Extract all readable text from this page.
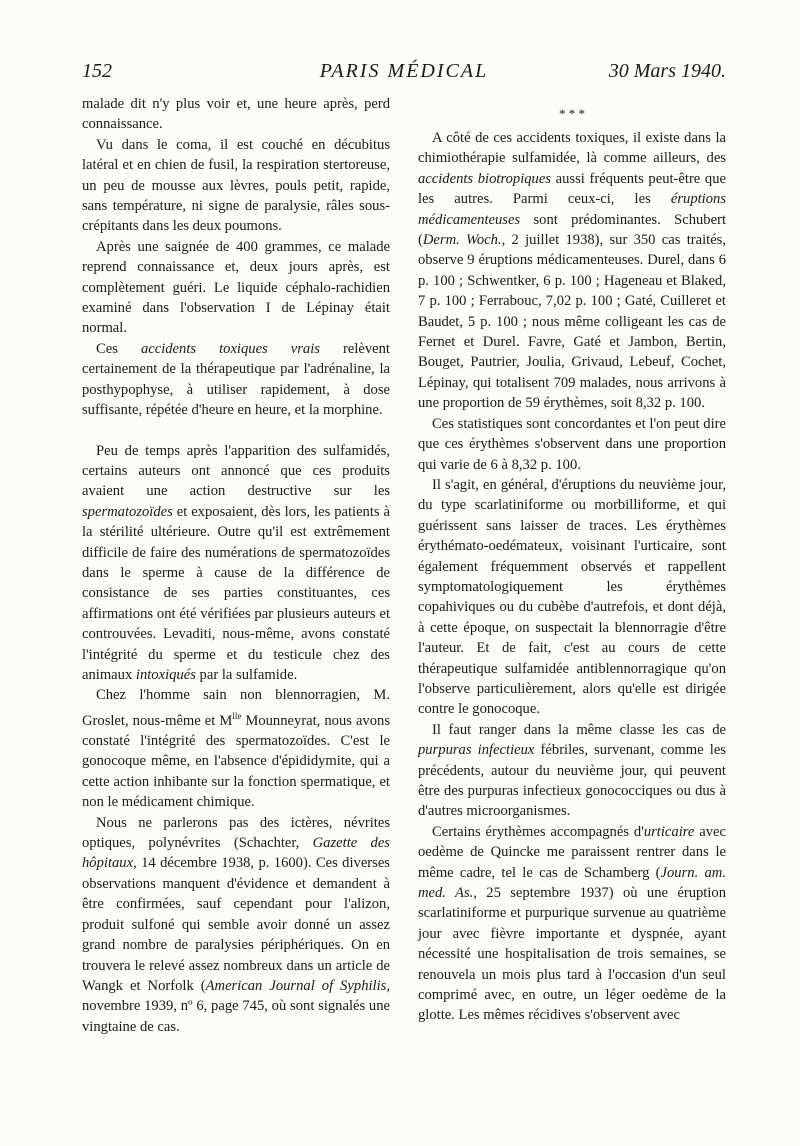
152	PARIS MÉDICAL	30 Mars 1940.

malade dit n'y plus voir et, une heure après, perd connaissance.

Vu dans le coma, il est couché en décubitus latéral et en chien de fusil, la respiration stertoreuse, un peu de mousse aux lèvres, pouls petit, rapide, sans température, ni signe de paralysie, râles sous-crépitants dans les deux poumons.

Après une saignée de 400 grammes, ce malade reprend connaissance et, deux jours après, est complètement guéri. Le liquide céphalo-rachidien examiné dans l'observation I de Lépinay était normal.

Ces accidents toxiques vrais relèvent certainement de la thérapeutique par l'adrénaline, la posthypophyse, à utiliser rapidement, à dose suffisante, répétée d'heure en heure, et la morphine.

Peu de temps après l'apparition des sulfamidés, certains auteurs ont annoncé que ces produits avaient une action destructive sur les spermatozoïdes et exposaient, dès lors, les patients à la stérilité ultérieure. Outre qu'il est extrêmement difficile de faire des numérations de spermatozoïdes dans le sperme à cause de la différence de consistance de ses parties constituantes, ces affirmations ont été vérifiées par plusieurs auteurs et controuvées. Levaditi, nous-même, avons constaté l'intégrité du sperme et du testicule chez des animaux intoxiqués par la sulfamide.

Chez l'homme sain non blennorragien, M. Groslet, nous-même et $M^{lle}$ Mounneyrat, nous avons constaté l'intégrité des spermatozoïdes. C'est le gonocoque même, en l'absence d'épididymite, qui a cette action inhibante sur la fonction spermatique, et non le médicament chimique.

Nous ne parlerons pas des ictères, névrites optiques, polynévrites (Schachter, Gazette des hôpitaux, 14 décembre 1938, p. 1600). Ces diverses observations manquent d'évidence et demandent à être confirmées, sauf cependant pour l'alizon, produit sulfoné qui semble avoir donné un assez grand nombre de paralysies périphériques. On en trouvera le relevé assez nombreux dans un article de Wangk et Norfolk (American Journal of Syphilis, novembre 1939, nº 6, page 745, où sont signalés une vingtaine de cas.

* * *

A côté de ces accidents toxiques, il existe dans la chimiothérapie sulfamidée, là comme ailleurs, des accidents biotropiques aussi fréquents peut-être que les autres. Parmi ceux-ci, les éruptions médicamenteuses sont prédominantes. Schubert (Derm. Woch., 2 juillet 1938), sur 350 cas traités, observe 9 éruptions médicamenteuses. Durel, dans 6 p. 100 ; Schwentker, 6 p. 100 ; Hageneau et Blaked, 7 p. 100 ; Ferrabouc, 7,02 p. 100 ; Gaté, Cuilleret et Baudet, 5 p. 100 ; nous même colligeant les cas de Fernet et Durel. Favre, Gaté et Jambon, Bertin, Bouget, Pautrier, Joulia, Grivaud, Lebeuf, Cochet, Lépinay, qui totalisent 709 malades, nous arrivons à une proportion de 59 érythèmes, soit 8,32 p. 100.

Ces statistiques sont concordantes et l'on peut dire que ces érythèmes s'observent dans une proportion qui varie de 6 à 8,32 p. 100.

Il s'agit, en général, d'éruptions du neuvième jour, du type scarlatiniforme ou morbilliforme, et qui guérissent sans laisser de traces. Les érythèmes érythémato-oedémateux, voisinant l'urticaire, sont également fréquemment observés et rappellent symptomatologiquement les érythèmes copahiviques ou du cubèbe d'autrefois, et dont déjà, à cette époque, on suspectait la blennorragie d'être l'auteur. Et de fait, c'est au cours de cette thérapeutique sulfamidée antiblennorragique qu'on l'observe particulièrement, alors qu'elle est dirigée contre le gonocoque.

Il faut ranger dans la même classe les cas de purpuras infectieux fébriles, survenant, comme les précédents, autour du neuvième jour, qui peuvent être des purpuras infectieux gonococciques ou dus à d'autres microorganismes.

Certains érythèmes accompagnés d'urticaire avec oedème de Quincke me paraissent rentrer dans le même cadre, tel le cas de Schamberg (Journ. am. med. As., 25 septembre 1937) où une éruption scarlatiniforme et purpurique survenue au quatrième jour avec fièvre importante et dyspnée, ayant nécessité une hospitalisation de trois semaines, se renouvela un mois plus tard à l'occasion d'un seul comprimé avec, en outre, un léger oedème de la glotte. Les mêmes récidives s'observent avec
